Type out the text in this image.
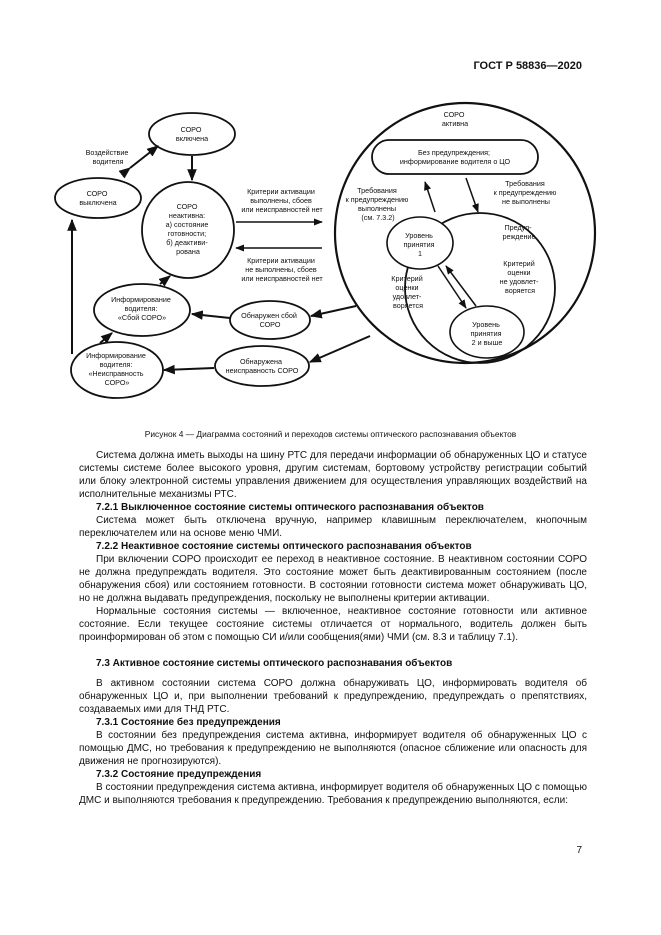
ГОСТ Р 58836—2020
СОРО включена
Воздействие водителя
СОРО выключена	СОРО неактивна: а) состояние готовности; б) деактиви- рована
Критерии активации выполнены, сбоев или неисправностей нет
Критерии активации не выполнены, сбоев или неисправностей нет
Информирование водителя: «Сбой СОРО»	Обнаружен сбой СОРО
Информирование водителя: «Неисправность СОРО»
Обнаружена неисправность СОРО
СОРО активна
Без предупреждения; информирование водителя о ЦО
Требования к предупреждению выполнены (см. 7.3.2)
Требования к предупреждению не выполнены
Предуп- реждение
Уровень принятия 1
Критерий оценки удовлет- воряется
Критерий оценки не удовлет- воряется
Уровень принятия 2 и выше
Рисунок 4 — Диаграмма состояний и переходов системы оптического распознавания объектов

Система должна иметь выходы на шину РТС для передачи информации об обнаруженных ЦО и статусе системы системе более высокого уровня, другим системам, бортовому устройству регистрации событий или блоку электронной системы управления движением для осуществления управляющих воздействий на исполнительные механизмы РТС.

7.2.1 Выключенное состояние системы оптического распознавания объектов

Система может быть отключена вручную, например клавишным переключателем, кнопочным переключателем или на основе меню ЧМИ.

7.2.2 Неактивное состояние системы оптического распознавания объектов

При включении СОРО происходит ее переход в неактивное состояние. В неактивном состоянии СОРО не должна предупреждать водителя. Это состояние может быть деактивированным состоянием (после обнаружения сбоя) или состоянием готовности. В состоянии готовности система может обнаруживать ЦО, но не должна выдавать предупреждения, поскольку не выполнены критерии активации.

Нормальные состояния системы — включенное, неактивное состояние готовности или активное состояние. Если текущее состояние системы отличается от нормального, водитель должен быть проинформирован об этом с помощью СИ и/или сообщения(ями) ЧМИ (см. 8.3 и таблицу 7.1).

7.3 Активное состояние системы оптического распознавания объектов

В активном состоянии система СОРО должна обнаруживать ЦО, информировать водителя об обнаруженных ЦО и, при выполнении требований к предупреждению, предупреждать о препятствиях, создаваемых ими для ТНД РТС.

7.3.1 Состояние без предупреждения

В состоянии без предупреждения система активна, информирует водителя об обнаруженных ЦО с помощью ДМС, но требования к предупреждению не выполняются (опасное сближение или опасность для движения не прогнозируются).

7.3.2 Состояние предупреждения

В состоянии предупреждения система активна, информирует водителя об обнаруженных ЦО с помощью ДМС и выполняются требования к предупреждению. Требования к предупреждению выполняются, если:

7
